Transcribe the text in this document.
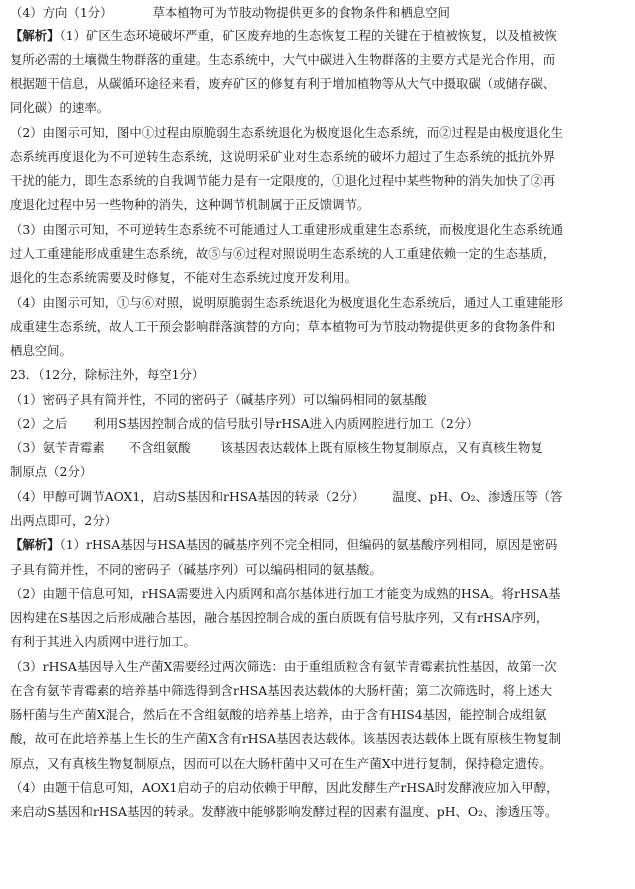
（4）方向（1分）	草本植物可为节肢动物提供更多的食物条件和栖息空间
【解析】（1）矿区生态环境破坏严重，矿区废弃地的生态恢复工程的关键在于植被恢复，以及植被恢
复所必需的土壤微生物群落的重建。生态系统中，大气中碳进入生物群落的主要方式是光合作用，而
根据题干信息，从碳循环途径来看，废弃矿区的修复有利于增加植物等从大气中摄取碳（或储存碳、
同化碳）的速率。
（2）由图示可知，图中①过程由原脆弱生态系统退化为极度退化生态系统，而②过程是由极度退化生
态系统再度退化为不可逆转生态系统，这说明采矿业对生态系统的破坏力超过了生态系统的抵抗外界
干扰的能力，即生态系统的自我调节能力是有一定限度的，①退化过程中某些物种的消失加快了②再
度退化过程中另一些物种的消失，这种调节机制属于正反馈调节。
（3）由图示可知，不可逆转生态系统不可能通过人工重建形成重建生态系统，而极度退化生态系统通
过人工重建能形成重建生态系统，故⑤与⑥过程对照说明生态系统的人工重建依赖一定的生态基质，
退化的生态系统需要及时修复，不能对生态系统过度开发利用。
（4）由图示可知，①与⑥对照，说明原脆弱生态系统退化为极度退化生态系统后，通过人工重建能形
成重建生态系统，故人工干预会影响群落演替的方向；草本植物可为节肢动物提供更多的食物条件和
栖息空间。
23．（12分，除标注外，每空1分）
（1）密码子具有简并性，不同的密码子（碱基序列）可以编码相同的氨基酸
（2）之后 利用S基因控制合成的信号肽引导rHSA进入内质网腔进行加工（2分）
（3）氨苄青霉素 不含组氨酸 该基因表达载体上既有原核生物复制原点，又有真核生物复
制原点（2分）
（4）甲醇可调节AOX1，启动S基因和rHSA基因的转录（2分） 温度、pH、O₂、渗透压等（答
出两点即可，2分）
【解析】（1）rHSA基因与HSA基因的碱基序列不完全相同，但编码的氨基酸序列相同，原因是密码
子具有简并性，不同的密码子（碱基序列）可以编码相同的氨基酸。
（2）由题干信息可知，rHSA需要进入内质网和高尔基体进行加工才能变为成熟的HSA。将rHSA基
因构建在S基因之后形成融合基因，融合基因控制合成的蛋白质既有信号肽序列，又有rHSA序列，
有利于其进入内质网中进行加工。
（3）rHSA基因导入生产菌X需要经过两次筛选：由于重组质粒含有氨苄青霉素抗性基因，故第一次
在含有氨苄青霉素的培养基中筛选得到含rHSA基因表达载体的大肠杆菌；第二次筛选时，将上述大
肠杆菌与生产菌X混合，然后在不含组氨酸的培养基上培养，由于含有HIS4基因，能控制合成组氨
酸，故可在此培养基上生长的生产菌X含有rHSA基因表达载体。该基因表达载体上既有原核生物复制
原点，又有真核生物复制原点，因而可以在大肠杆菌中又可在生产菌X中进行复制，保持稳定遗传。
（4）由题干信息可知，AOX1启动子的启动依赖于甲醇，因此发酵生产rHSA时发酵液应加入甲醇，
来启动S基因和rHSA基因的转录。发酵液中能够影响发酵过程的因素有温度、pH、O₂、渗透压等。
